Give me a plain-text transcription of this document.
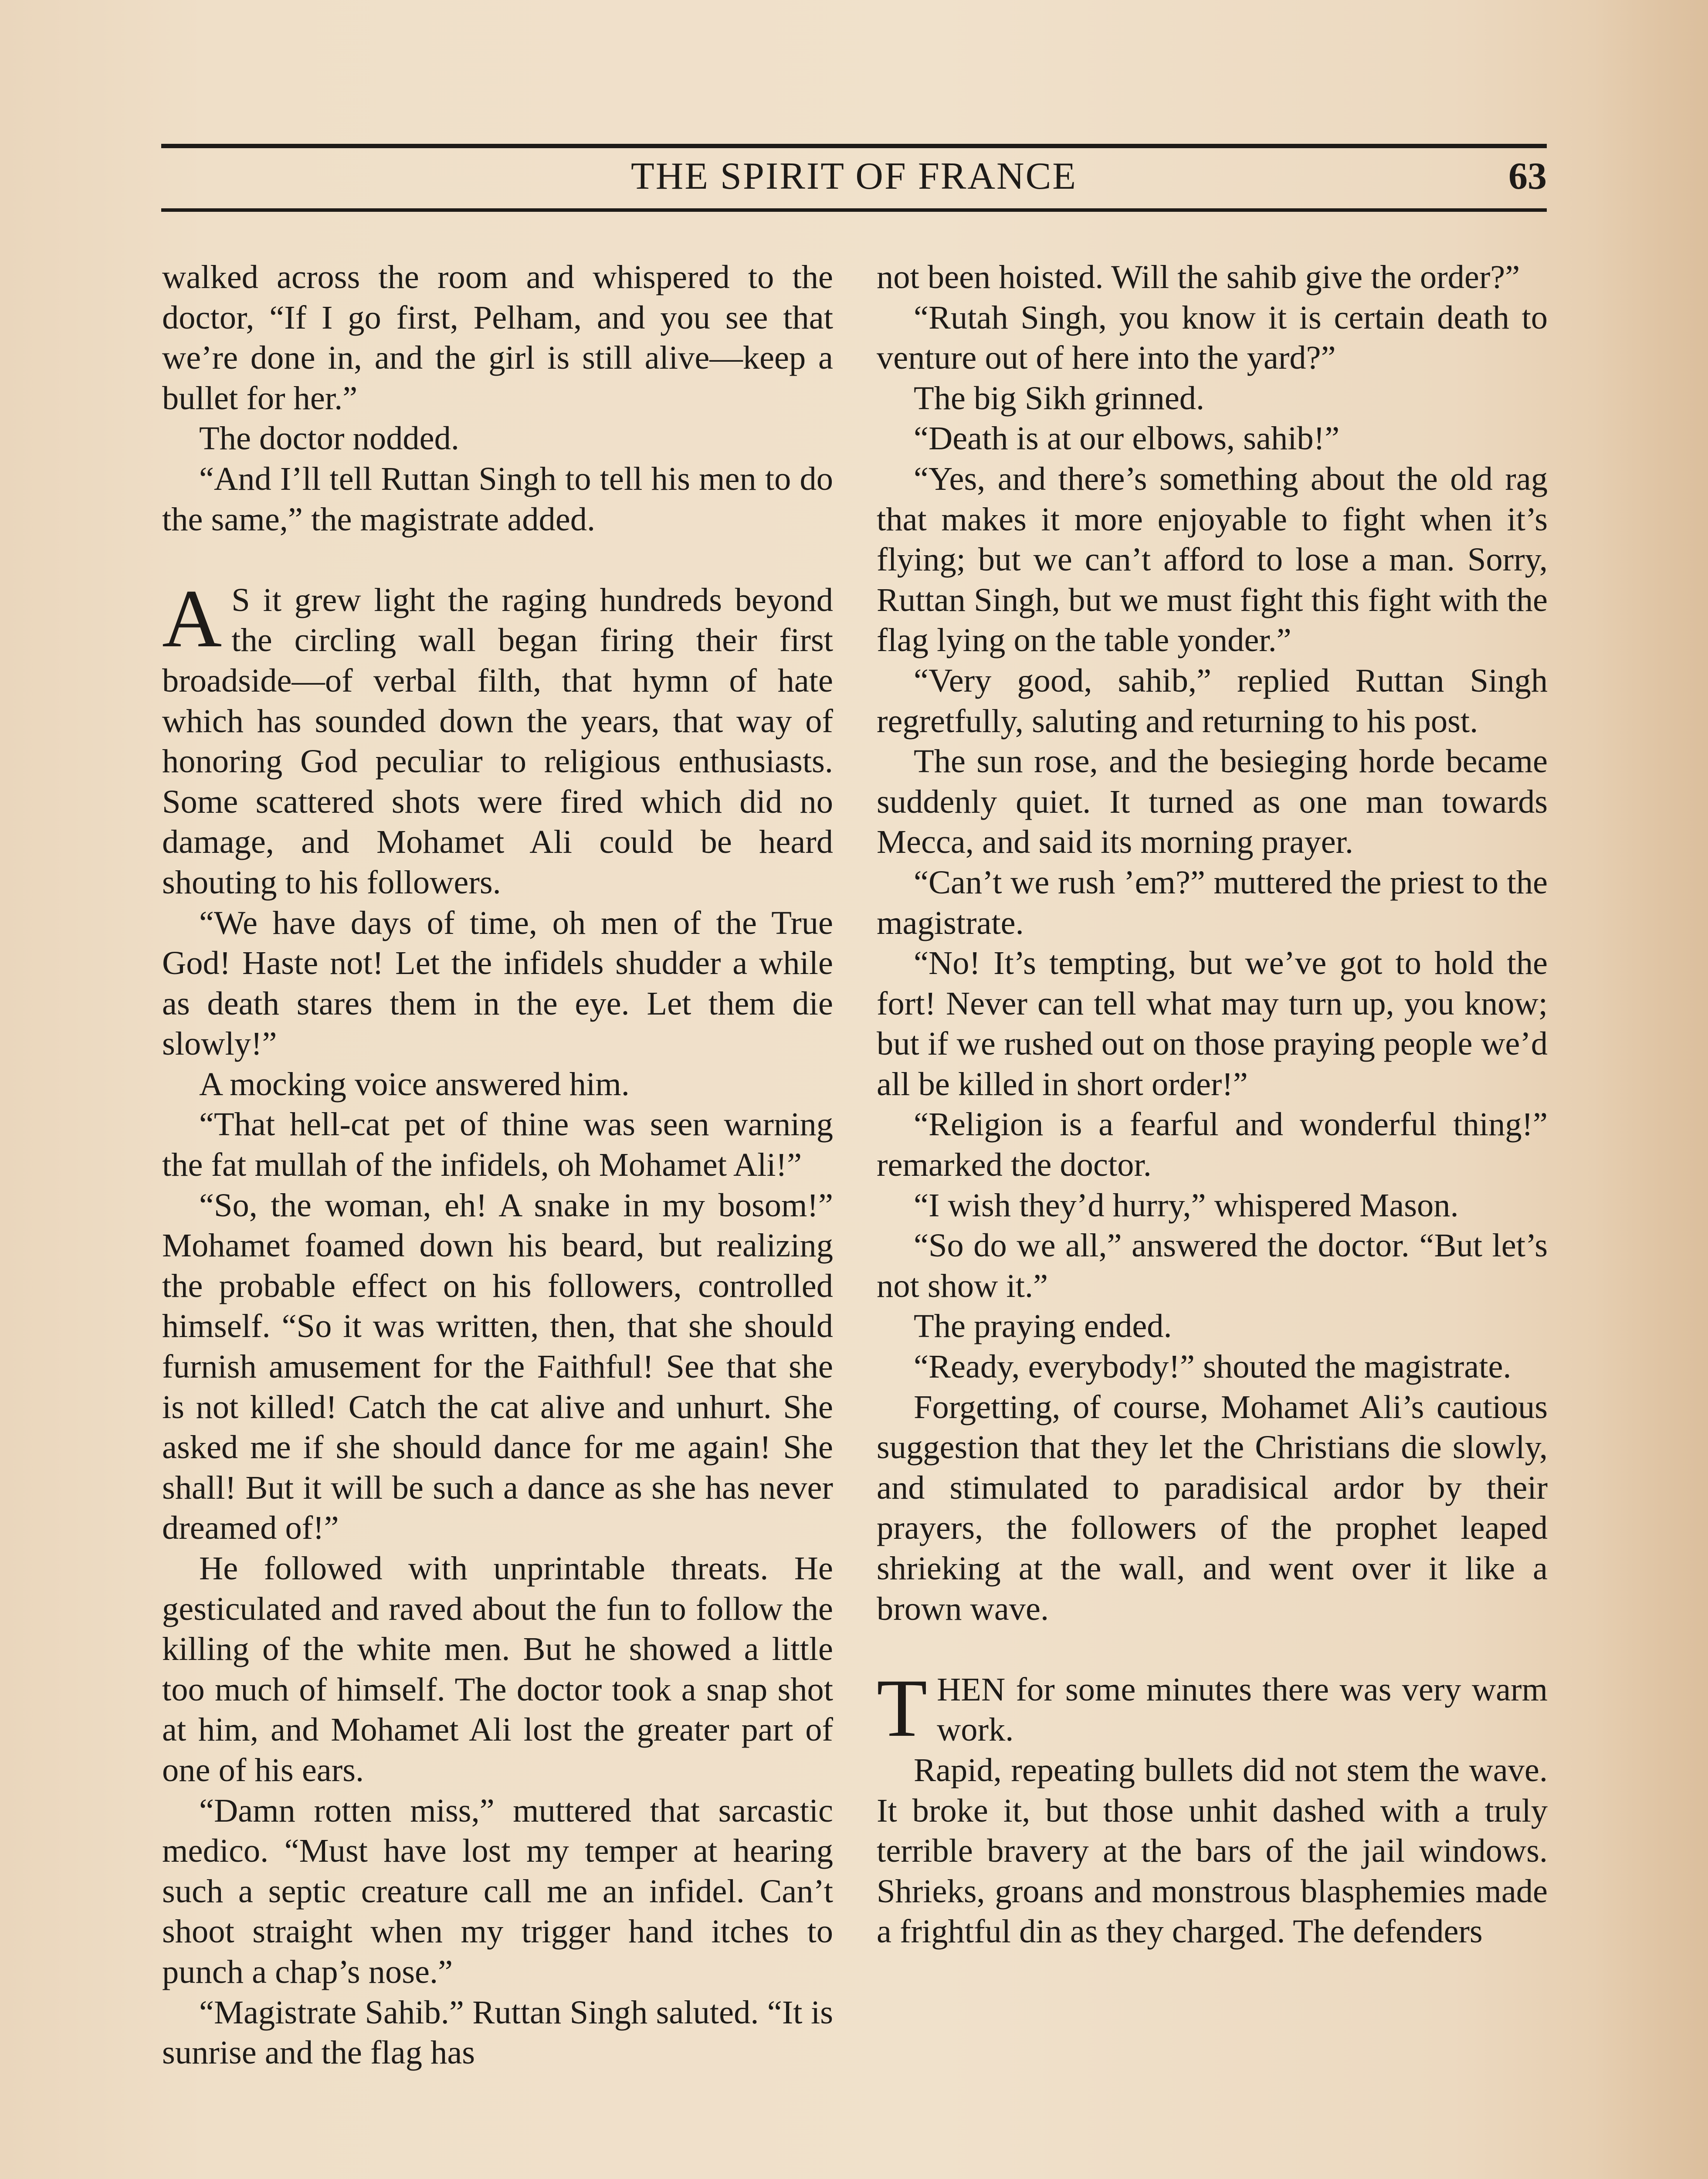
THE SPIRIT OF FRANCE	63

walked across the room and whispered to the doctor, “If I go first, Pelham, and you see that we’re done in, and the girl is still alive—keep a bullet for her.”

The doctor nodded.

“And I’ll tell Ruttan Singh to tell his men to do the same,” the magistrate added.

A S it grew light the raging hundreds beyond the circling wall began firing their first broadside—of verbal filth, that hymn of hate which has sounded down the years, that way of honoring God peculiar to religious enthusiasts. Some scattered shots were fired which did no damage, and Mohamet Ali could be heard shouting to his followers.

“We have days of time, oh men of the True God! Haste not! Let the infidels shudder a while as death stares them in the eye. Let them die slowly!”

A mocking voice answered him.

“That hell-cat pet of thine was seen warning the fat mullah of the infidels, oh Mohamet Ali!”

“So, the woman, eh! A snake in my bosom!” Mohamet foamed down his beard, but realizing the probable effect on his followers, controlled himself. “So it was written, then, that she should furnish amusement for the Faithful! See that she is not killed! Catch the cat alive and unhurt. She asked me if she should dance for me again! She shall! But it will be such a dance as she has never dreamed of!”

He followed with unprintable threats. He gesticulated and raved about the fun to follow the killing of the white men. But he showed a little too much of himself. The doctor took a snap shot at him, and Mohamet Ali lost the greater part of one of his ears.

“Damn rotten miss,” muttered that sarcastic medico. “Must have lost my temper at hearing such a septic creature call me an infidel. Can’t shoot straight when my trigger hand itches to punch a chap’s nose.”

“Magistrate Sahib.” Ruttan Singh saluted. “It is sunrise and the flag has

not been hoisted. Will the sahib give the order?”

“Rutah Singh, you know it is certain death to venture out of here into the yard?”

The big Sikh grinned.

“Death is at our elbows, sahib!”

“Yes, and there’s something about the old rag that makes it more enjoyable to fight when it’s flying; but we can’t afford to lose a man. Sorry, Ruttan Singh, but we must fight this fight with the flag lying on the table yonder.”

“Very good, sahib,” replied Ruttan Singh regretfully, saluting and returning to his post.

The sun rose, and the besieging horde became suddenly quiet. It turned as one man towards Mecca, and said its morning prayer.

“Can’t we rush ’em?” muttered the priest to the magistrate.

“No! It’s tempting, but we’ve got to hold the fort! Never can tell what may turn up, you know; but if we rushed out on those praying people we’d all be killed in short order!”

“Religion is a fearful and wonderful thing!” remarked the doctor.

“I wish they’d hurry,” whispered Mason.

“So do we all,” answered the doctor. “But let’s not show it.”

The praying ended.

“Ready, everybody!” shouted the magistrate.

Forgetting, of course, Mohamet Ali’s cautious suggestion that they let the Christians die slowly, and stimulated to paradisical ardor by their prayers, the followers of the prophet leaped shrieking at the wall, and went over it like a brown wave.

THEN for some minutes there was very warm work.

Rapid, repeating bullets did not stem the wave. It broke it, but those unhit dashed with a truly terrible bravery at the bars of the jail windows. Shrieks, groans and monstrous blasphemies made a frightful din as they charged. The defenders
